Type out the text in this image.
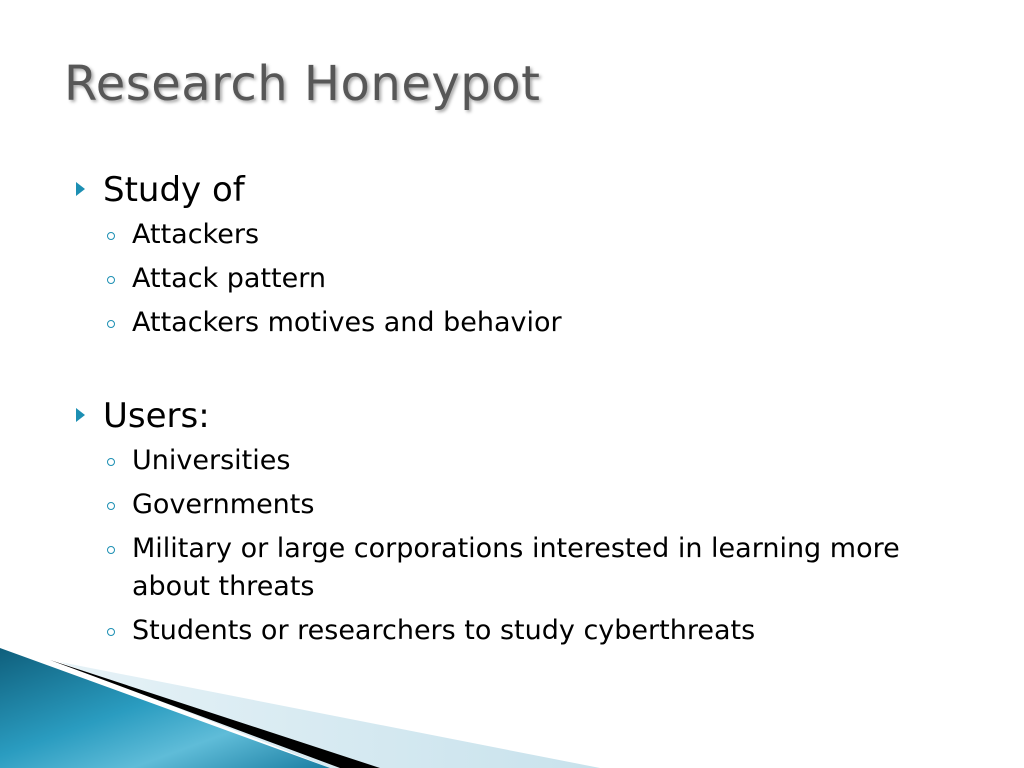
Research Honeypot
Study of
Attackers
Attack pattern
Attackers motives and behavior
Users:
Universities
Governments
Military or large corporations interested in learning more about threats
Students or researchers to study cyberthreats
